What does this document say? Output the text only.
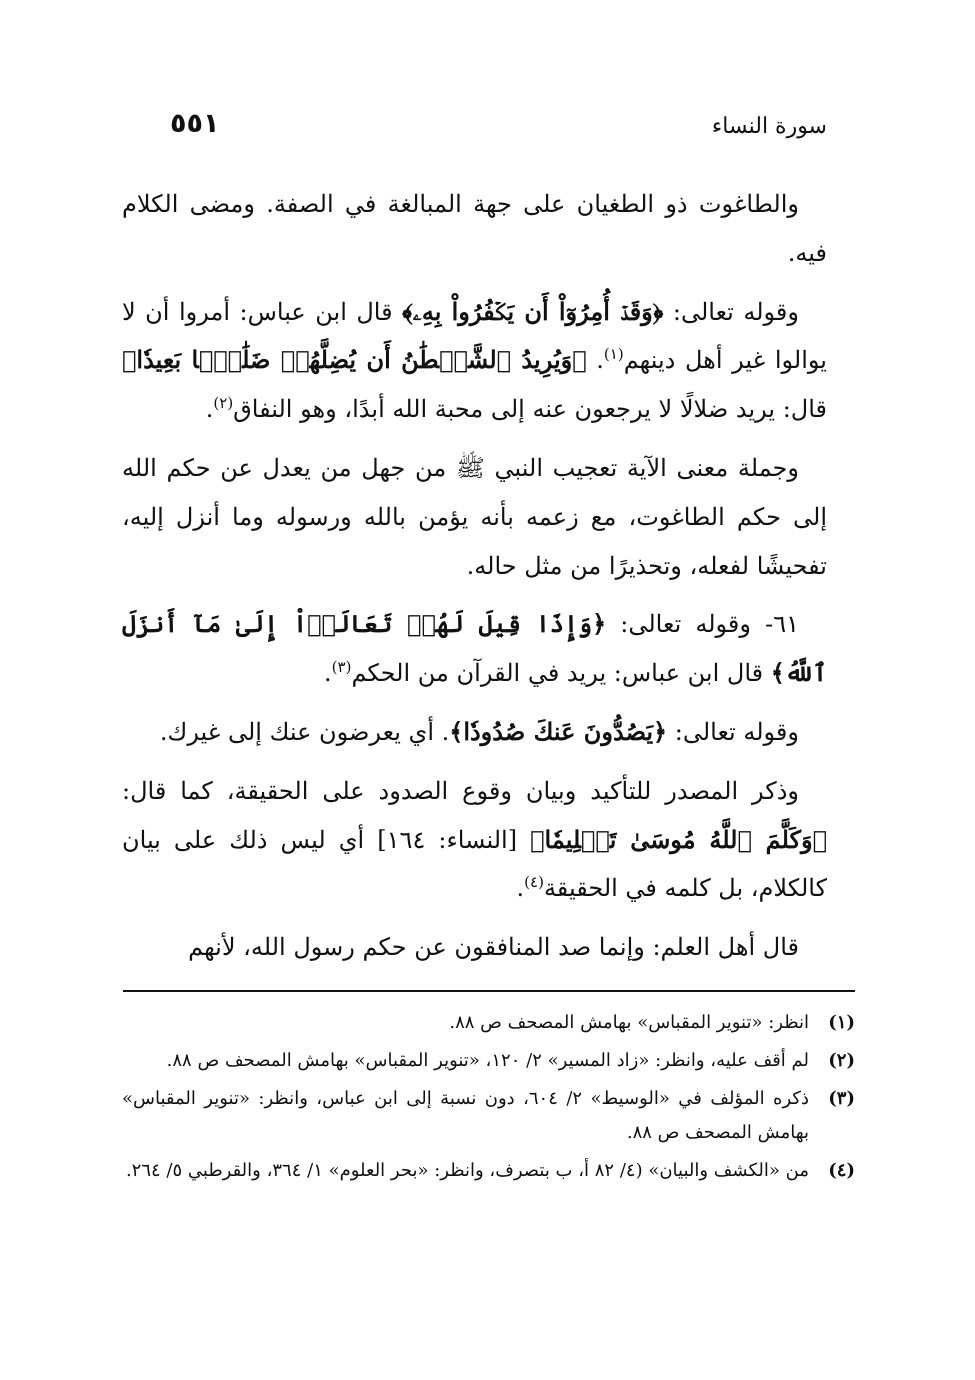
٥٥١	سورة النساء

والطاغوت ذو الطغيان على جهة المبالغة في الصفة. ومضى الكلام فيه.

وقوله تعالى: ﴿وَقَدۡ أُمِرُوٓاْ أَن يَكۡفُرُواْ بِهِۦ﴾ قال ابن عباس: أمروا أن لا يوالوا غير أهل دينهم$^{(١)}$. ﴿وَيُرِيدُ ٱلشَّيۡطَٰنُ أَن يُضِلَّهُمۡ ضَلَٰلَۢا بَعِيدٗا﴾ قال: يريد ضلالًا لا يرجعون عنه إلى محبة الله أبدًا، وهو النفاق$^{(٢)}$.

وجملة معنى الآية تعجيب النبي ﷺ من جهل من يعدل عن حكم الله إلى حكم الطاغوت، مع زعمه بأنه يؤمن بالله ورسوله وما أنزل إليه، تفحيشًا لفعله، وتحذيرًا من مثل حاله.

٦١- وقوله تعالى: ﴿وَإِذَا قِيلَ لَهُمۡ تَعَالَوۡاْ إِلَىٰ مَآ أَنزَلَ ٱللَّهُ﴾ قال ابن عباس: يريد في القرآن من الحكم$^{(٣)}$.

وقوله تعالى: ﴿يَصُدُّونَ عَنكَ صُدُودٗا﴾. أي يعرضون عنك إلى غيرك.

وذكر المصدر للتأكيد وبيان وقوع الصدود على الحقيقة، كما قال: ﴿وَكَلَّمَ ٱللَّهُ مُوسَىٰ تَكۡلِيمٗا﴾ [النساء: ١٦٤] أي ليس ذلك على بيان كالكلام، بل كلمه في الحقيقة$^{(٤)}$.

قال أهل العلم: وإنما صد المنافقون عن حكم رسول الله، لأنهم

(١)
انظر: «تنوير المقباس» بهامش المصحف ص ٨٨.
(٢)
لم أقف عليه، وانظر: «زاد المسير» ٢/ ١٢٠، «تنوير المقباس» بهامش المصحف ص ٨٨.
(٣)
ذكره المؤلف في «الوسيط» ٢/ ٦٠٤، دون نسبة إلى ابن عباس، وانظر: «تنوير المقباس» بهامش المصحف ص ٨٨.
(٤)
من «الكشف والبيان» (٤/ ٨٢ أ، ب بتصرف، وانظر: «بحر العلوم» ١/ ٣٦٤، والقرطبي ٥/ ٢٦٤.
